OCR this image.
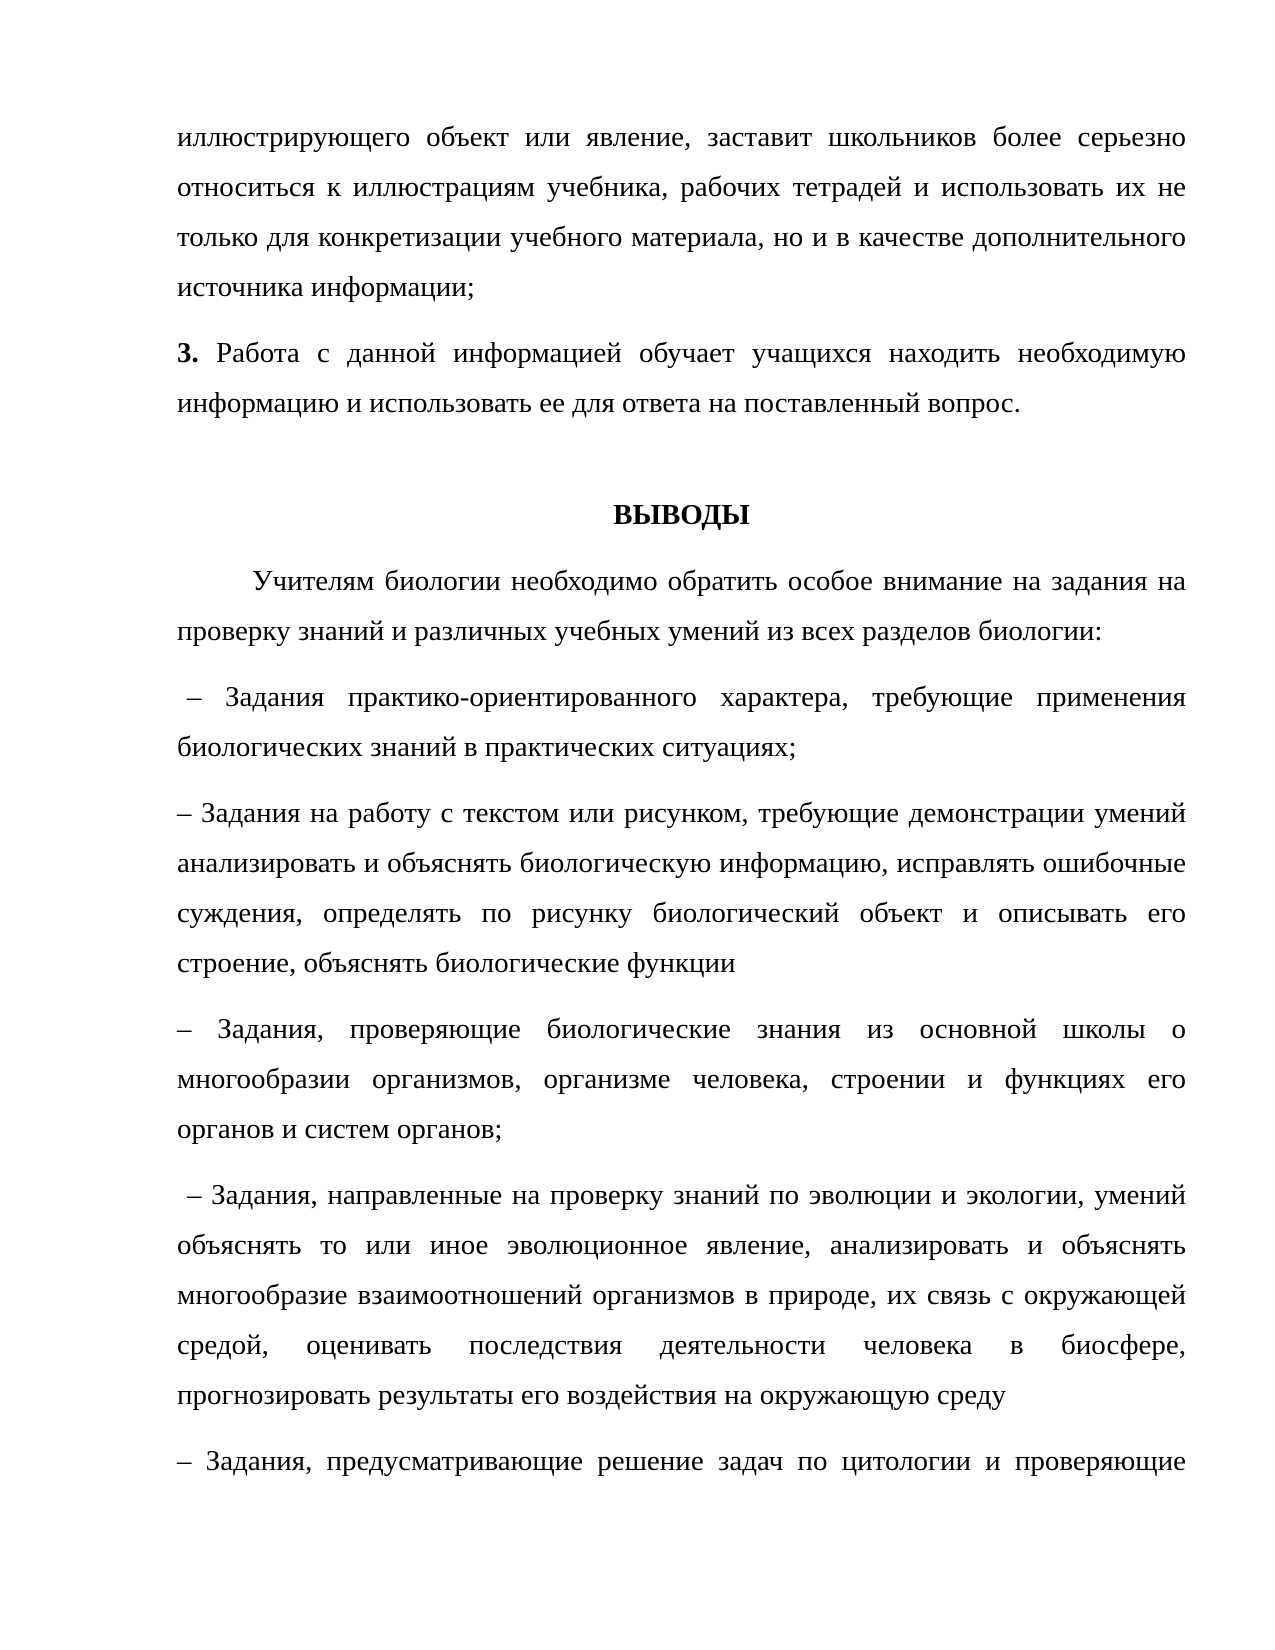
иллюстрирующего объект или явление, заставит школьников более серьезно относиться к иллюстрациям учебника, рабочих тетрадей и использовать их не только для конкретизации учебного материала, но и в качестве дополнительного источника информации;

3. Работа с данной информацией обучает учащихся находить необходимую информацию и использовать ее для ответа на поставленный вопрос.

ВЫВОДЫ

Учителям биологии необходимо обратить особое внимание на задания на проверку знаний и различных учебных умений из всех разделов биологии:

– Задания практико-ориентированного характера, требующие применения биологических знаний в практических ситуациях;

– Задания на работу с текстом или рисунком, требующие демонстрации умений анализировать и объяснять биологическую информацию, исправлять ошибочные суждения, определять по рисунку биологический объект и описывать его строение, объяснять биологические функции

– Задания, проверяющие биологические знания из основной школы о многообразии организмов, организме человека, строении и функциях его органов и систем органов;

– Задания, направленные на проверку знаний по эволюции и экологии, умений объяснять то или иное эволюционное явление, анализировать и объяснять многообразие взаимоотношений организмов в природе, их связь с окружающей средой, оценивать последствия деятельности человека в биосфере, прогнозировать результаты его воздействия на окружающую среду

– Задания, предусматривающие решение задач по цитологии и проверяющие
